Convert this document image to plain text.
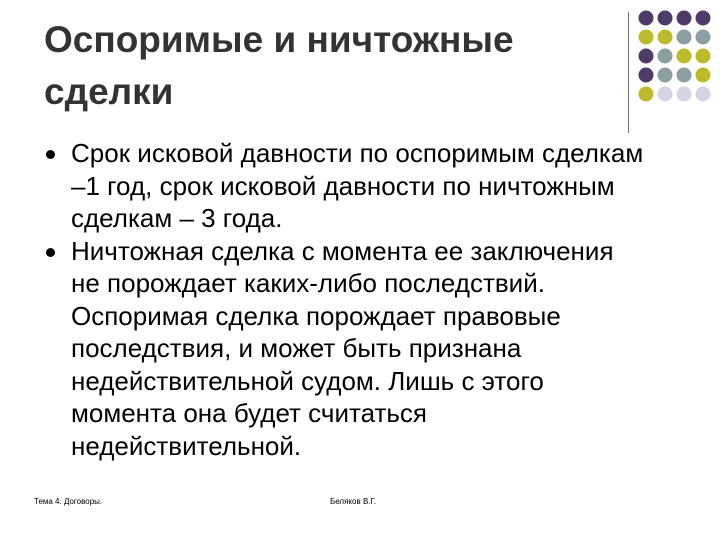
Оспоримые и ничтожные
сделки
Срок исковой давности по оспоримым сделкам –1 год, срок исковой давности по ничтожным сделкам – 3 года.
Ничтожная сделка с момента ее заключения не порождает каких-либо последствий. Оспоримая сделка порождает правовые последствия, и может быть признана недействительной судом. Лишь с этого момента она будет считаться недействительной.
Тема 4. Договоры.	Беляков В.Г.
